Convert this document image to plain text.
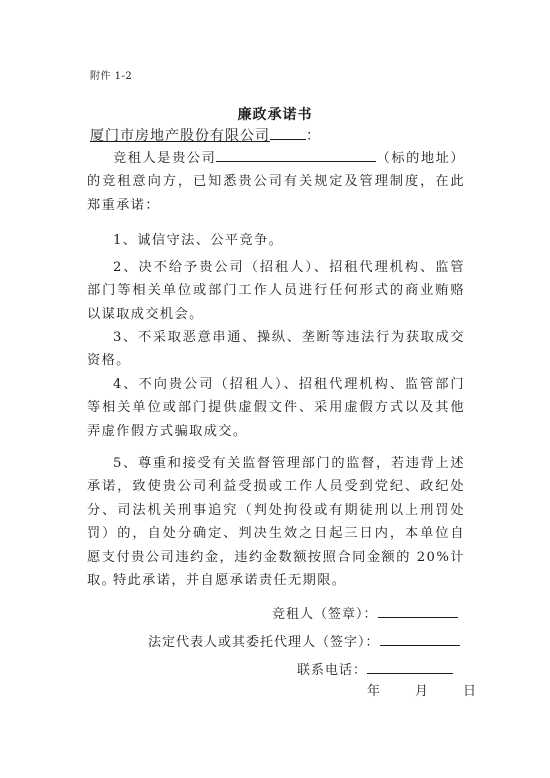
附件 1-2
廉政承诺书
厦门市房地产股份有限公司	：
竞租人是贵公司	（标的地址）的竞租意向方，已知悉贵公司有关规定及管理制度，在此郑重承诺：
1、诚信守法、公平竞争。
2、决不给予贵公司（招租人）、招租代理机构、监管部门等相关单位或部门工作人员进行任何形式的商业贿赂以谋取成交机会。
3、不采取恶意串通、操纵、垄断等违法行为获取成交资格。
4、不向贵公司（招租人）、招租代理机构、监管部门等相关单位或部门提供虚假文件、采用虚假方式以及其他弄虚作假方式骗取成交。
5、尊重和接受有关监督管理部门的监督，若违背上述承诺，致使贵公司利益受损或工作人员受到党纪、政纪处分、司法机关刑事追究（判处拘役或有期徒刑以上刑罚处罚）的，自处分确定、判决生效之日起三日内，本单位自愿支付贵公司违约金，违约金数额按照合同金额的 20%计取。
特此承诺，并自愿承诺责任无期限。
竞租人（签章）：
法定代表人或其委托代理人（签字）：
联系电话：
年	月	日
